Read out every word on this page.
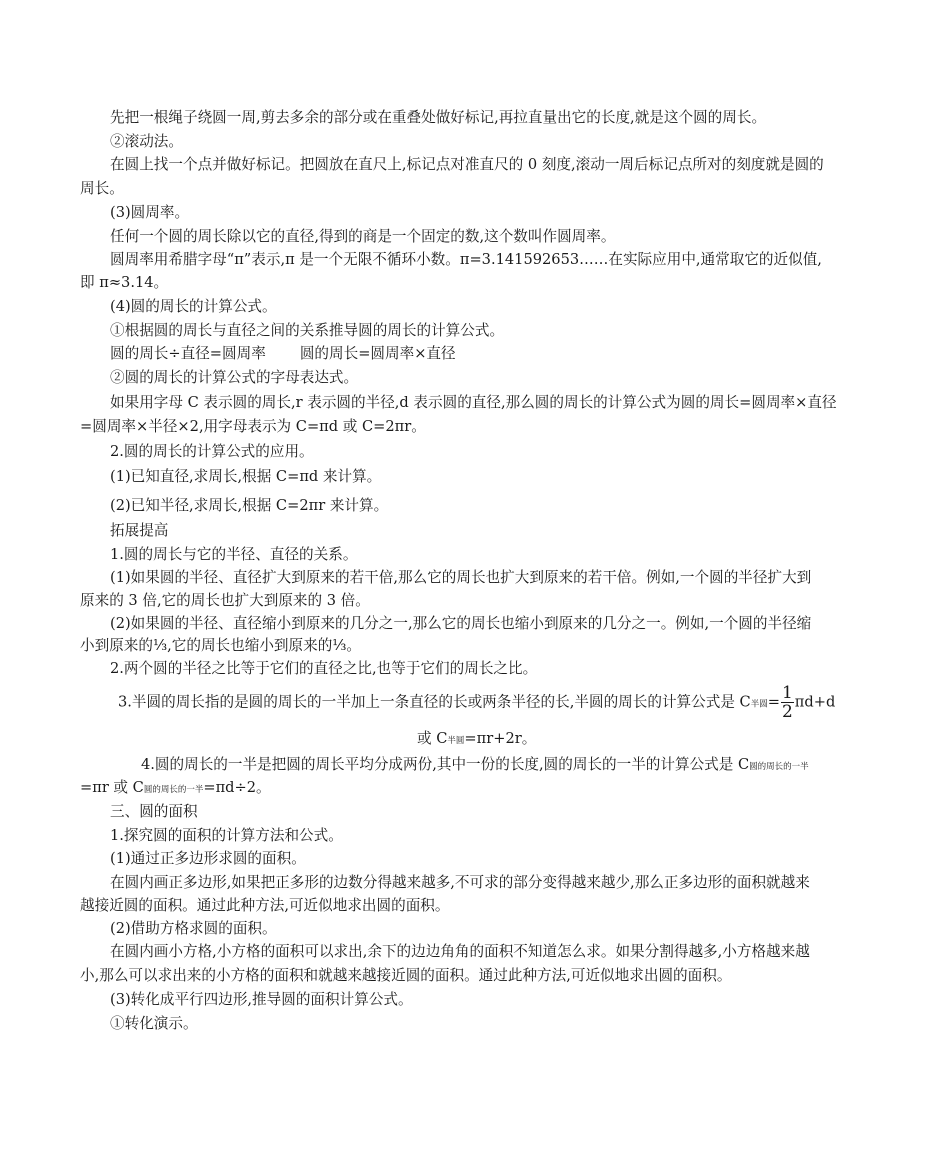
先把一根绳子绕圆一周,剪去多余的部分或在重叠处做好标记,再拉直量出它的长度,就是这个圆的周长。
②滚动法。
在圆上找一个点并做好标记。把圆放在直尺上,标记点对准直尺的 0 刻度,滚动一周后标记点所对的刻度就是圆的
周长。
(3)圆周率。
任何一个圆的周长除以它的直径,得到的商是一个固定的数,这个数叫作圆周率。
圆周率用希腊字母“π”表示,π 是一个无限不循环小数。π=3.141592653……在实际应用中,通常取它的近似值,
即 π≈3.14。
(4)圆的周长的计算公式。
①根据圆的周长与直径之间的关系推导圆的周长的计算公式。
圆的周长÷直径=圆周率 圆的周长=圆周率×直径
②圆的周长的计算公式的字母表达式。
如果用字母 C 表示圆的周长,r 表示圆的半径,d 表示圆的直径,那么圆的周长的计算公式为圆的周长=圆周率×直径
=圆周率×半径×2,用字母表示为 C=πd 或 C=2πr。
2.圆的周长的计算公式的应用。
(1)已知直径,求周长,根据 C=πd 来计算。
(2)已知半径,求周长,根据 C=2πr 来计算。
拓展提高
1.圆的周长与它的半径、直径的关系。
(1)如果圆的半径、直径扩大到原来的若干倍,那么它的周长也扩大到原来的若干倍。例如,一个圆的半径扩大到
原来的 3 倍,它的周长也扩大到原来的 3 倍。
(2)如果圆的半径、直径缩小到原来的几分之一,那么它的周长也缩小到原来的几分之一。例如,一个圆的半径缩
小到原来的⅓,它的周长也缩小到原来的⅓。
2.两个圆的半径之比等于它们的直径之比,也等于它们的周长之比。
3.半圆的周长指的是圆的周长的一半加上一条直径的长或两条半径的长,半圆的周长的计算公式是 C半圆= $\frac{1}{2} \pi d+d$
或 C半圆=πr+2r。
4.圆的周长的一半是把圆的周长平均分成两份,其中一份的长度,圆的周长的一半的计算公式是 C圆的周长的一半
=πr 或 C圆的周长的一半=πd÷2。
三、圆的面积
1.探究圆的面积的计算方法和公式。
(1)通过正多边形求圆的面积。
在圆内画正多边形,如果把正多形的边数分得越来越多,不可求的部分变得越来越少,那么正多边形的面积就越来
越接近圆的面积。通过此种方法,可近似地求出圆的面积。
(2)借助方格求圆的面积。
在圆内画小方格,小方格的面积可以求出,余下的边边角角的面积不知道怎么求。如果分割得越多,小方格越来越
小,那么可以求出来的小方格的面积和就越来越接近圆的面积。通过此种方法,可近似地求出圆的面积。
(3)转化成平行四边形,推导圆的面积计算公式。
①转化演示。
